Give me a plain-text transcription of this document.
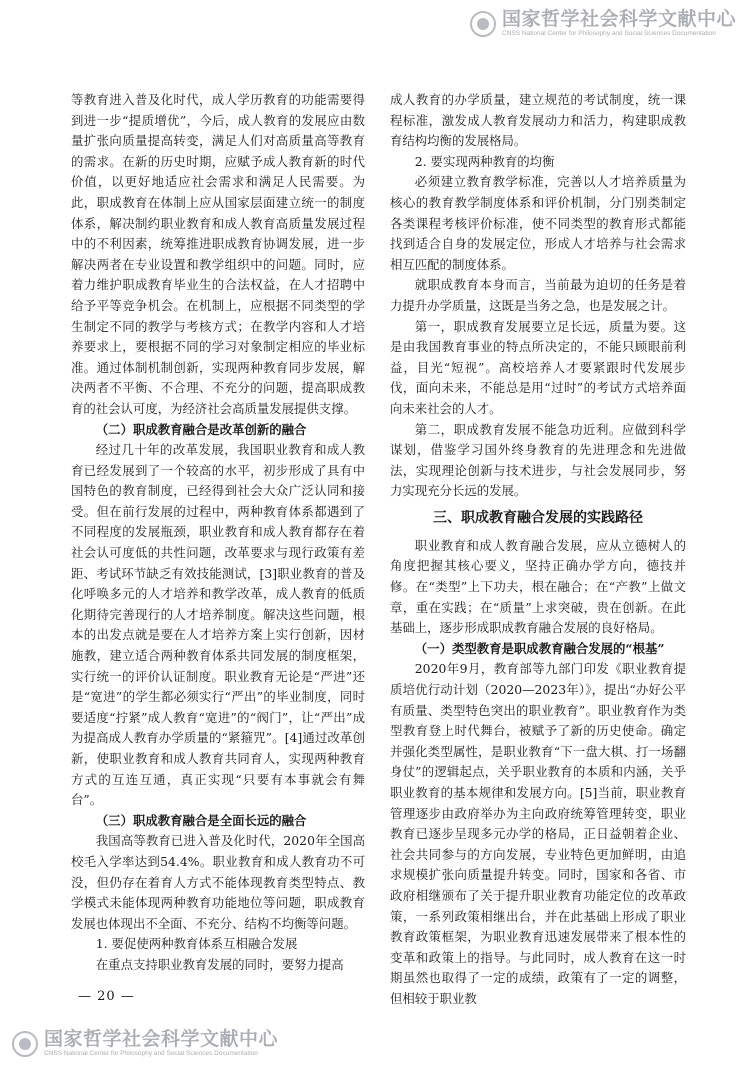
国家哲学社会科学文献中心
CNSS National Center for Philosophy and Social Sciences Documentation

等教育进入普及化时代，成人学历教育的功能需要得到进一步“提质增优”，今后，成人教育的发展应由数量扩张向质量提高转变，满足人们对高质量高等教育的需求。在新的历史时期，应赋予成人教育新的时代价值，以更好地适应社会需求和满足人民需要。为此，职成教育在体制上应从国家层面建立统一的制度体系，解决制约职业教育和成人教育高质量发展过程中的不利因素，统筹推进职成教育协调发展，进一步解决两者在专业设置和教学组织中的问题。同时，应着力维护职成教育毕业生的合法权益，在人才招聘中给予平等竞争机会。在机制上，应根据不同类型的学生制定不同的教学与考核方式；在教学内容和人才培养要求上，要根据不同的学习对象制定相应的毕业标准。通过体制机制创新，实现两种教育同步发展，解决两者不平衡、不合理、不充分的问题，提高职成教育的社会认可度，为经济社会高质量发展提供支撑。

（二）职成教育融合是改革创新的融合

经过几十年的改革发展，我国职业教育和成人教育已经发展到了一个较高的水平，初步形成了具有中国特色的教育制度，已经得到社会大众广泛认同和接受。但在前行发展的过程中，两种教育体系都遇到了不同程度的发展瓶颈，职业教育和成人教育都存在着社会认可度低的共性问题，改革要求与现行政策有差距、考试环节缺乏有效技能测试，[3]职业教育的普及化呼唤多元的人才培养和教学改革，成人教育的低质化期待完善现行的人才培养制度。解决这些问题，根本的出发点就是要在人才培养方案上实行创新，因材施教，建立适合两种教育体系共同发展的制度框架，实行统一的评价认证制度。职业教育无论是“严进”还是“宽进”的学生都必须实行“严出”的毕业制度，同时要适度“拧紧”成人教育“宽进”的“阀门”，让“严出”成为提高成人教育办学质量的“紧箍咒”。[4]通过改革创新，使职业教育和成人教育共同育人，实现两种教育方式的互连互通，真正实现“只要有本事就会有舞台”。

（三）职成教育融合是全面长远的融合

我国高等教育已进入普及化时代，2020年全国高校毛入学率达到54.4%。职业教育和成人教育功不可没，但仍存在着育人方式不能体现教育类型特点、教学模式未能体现两种教育功能地位等问题，职成教育发展也体现出不全面、不充分、结构不均衡等问题。

1. 要促使两种教育体系互相融合发展

在重点支持职业教育发展的同时，要努力提高

成人教育的办学质量，建立规范的考试制度，统一课程标准，激发成人教育发展动力和活力，构建职成教育结构均衡的发展格局。

2. 要实现两种教育的均衡

必须建立教育教学标准，完善以人才培养质量为核心的教育教学制度体系和评价机制，分门别类制定各类课程考核评价标准，使不同类型的教育形式都能找到适合自身的发展定位，形成人才培养与社会需求相互匹配的制度体系。

就职成教育本身而言，当前最为迫切的任务是着力提升办学质量，这既是当务之急，也是发展之计。

第一，职成教育发展要立足长远，质量为要。这是由我国教育事业的特点所决定的，不能只顾眼前利益，目光“短视”。高校培养人才要紧跟时代发展步伐，面向未来，不能总是用“过时”的考试方式培养面向未来社会的人才。

第二，职成教育发展不能急功近利。应做到科学谋划，借鉴学习国外终身教育的先进理念和先进做法，实现理论创新与技术进步，与社会发展同步，努力实现充分长远的发展。

三、职成教育融合发展的实践路径

职业教育和成人教育融合发展，应从立德树人的角度把握其核心要义，坚持正确办学方向，德技并修。在“类型”上下功夫，根在融合；在“产教”上做文章，重在实践；在“质量”上求突破，贵在创新。在此基础上，逐步形成职成教育融合发展的良好格局。

（一）类型教育是职成教育融合发展的“根基”

2020年9月，教育部等九部门印发《职业教育提质培优行动计划（2020—2023年）》，提出“办好公平有质量、类型特色突出的职业教育”。职业教育作为类型教育登上时代舞台，被赋予了新的历史使命。确定并强化类型属性，是职业教育“下一盘大棋、打一场翻身仗”的逻辑起点，关乎职业教育的本质和内涵，关乎职业教育的基本规律和发展方向。[5]当前，职业教育管理逐步由政府举办为主向政府统筹管理转变，职业教育已逐步呈现多元办学的格局，正日益朝着企业、社会共同参与的方向发展，专业特色更加鲜明，由追求规模扩张向质量提升转变。同时，国家和各省、市政府相继颁布了关于提升职业教育功能定位的改革政策，一系列政策相继出台，并在此基础上形成了职业教育政策框架，为职业教育迅速发展带来了根本性的变革和政策上的指导。与此同时，成人教育在这一时期虽然也取得了一定的成绩，政策有了一定的调整，但相较于职业教

— 20 —
国家哲学社会科学文献中心
CNSS National Center for Philosophy and Social Sciences Documentation
